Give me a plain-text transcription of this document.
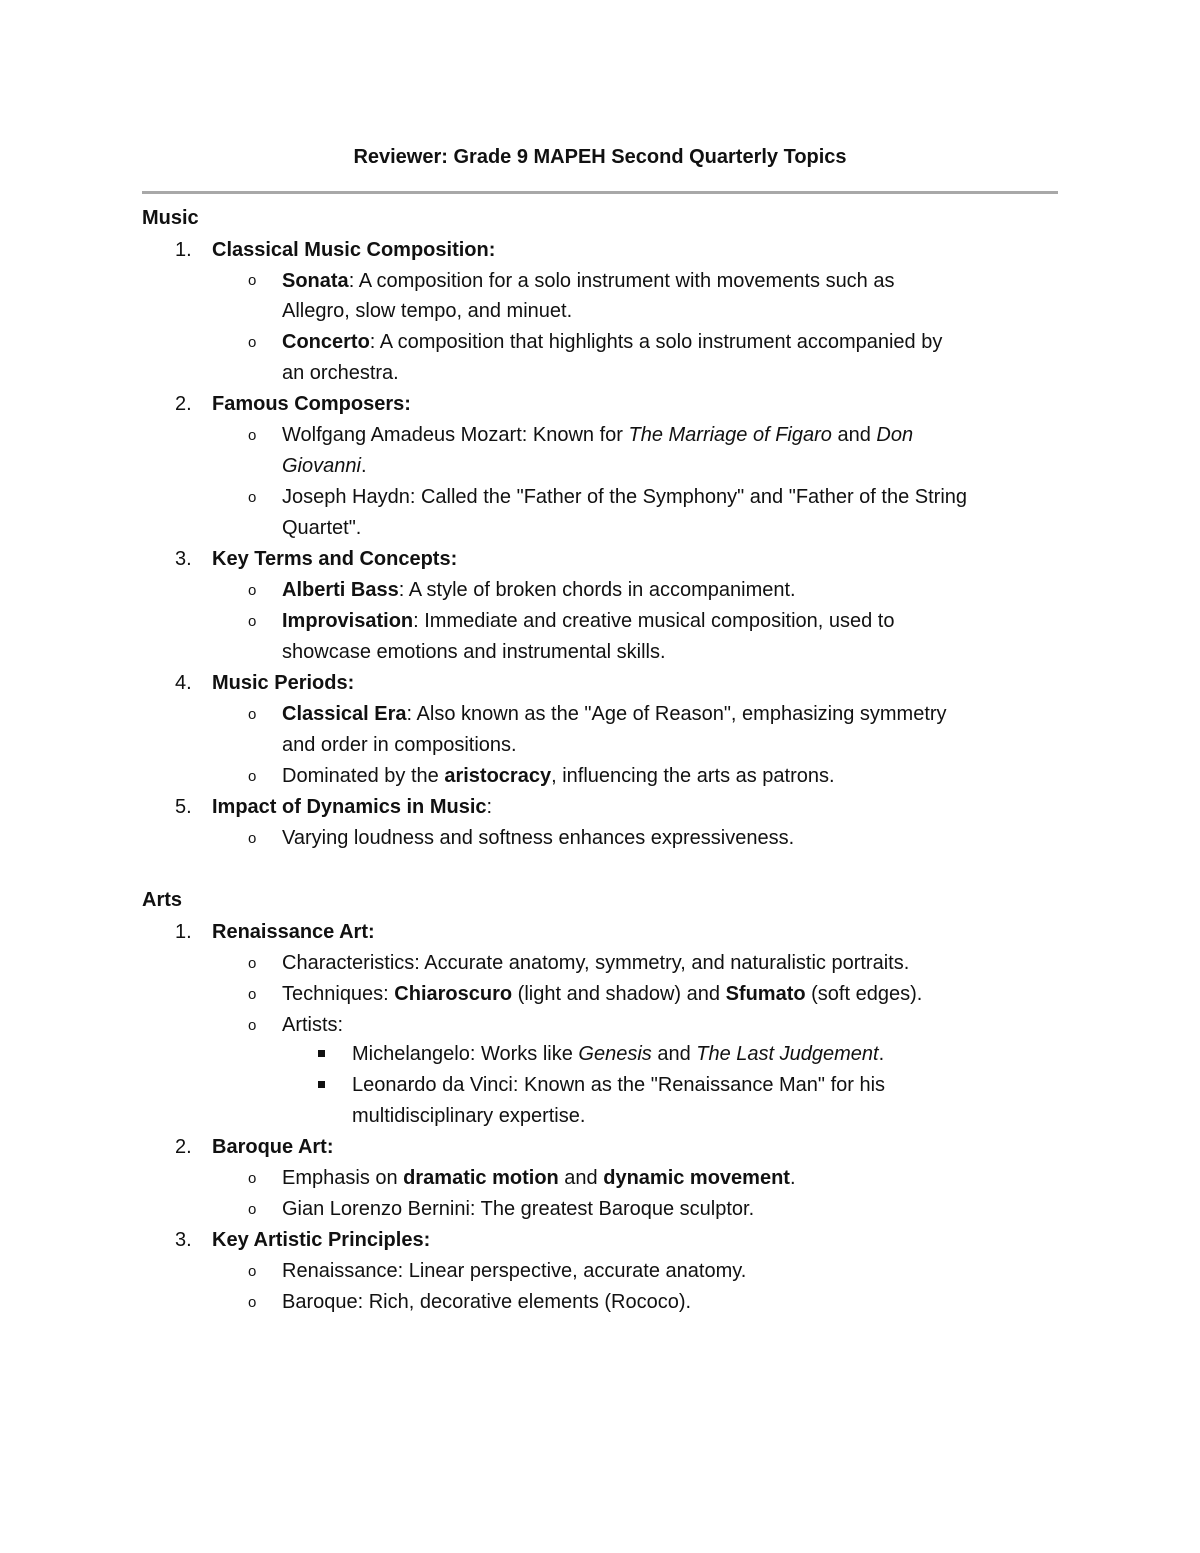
Reviewer: Grade 9 MAPEH Second Quarterly Topics
Music
1.	Classical Music Composition:
o Sonata: A composition for a solo instrument with movements such as
Allegro, slow tempo, and minuet.
o Concerto: A composition that highlights a solo instrument accompanied by
an orchestra.
2.	Famous Composers:
o Wolfgang Amadeus Mozart: Known for The Marriage of Figaro and Don
Giovanni.
o Joseph Haydn: Called the "Father of the Symphony" and "Father of the String
Quartet".
3.	Key Terms and Concepts:
o Alberti Bass: A style of broken chords in accompaniment.
o Improvisation: Immediate and creative musical composition, used to
showcase emotions and instrumental skills.
4.	Music Periods:
o Classical Era: Also known as the "Age of Reason", emphasizing symmetry
and order in compositions.
o Dominated by the aristocracy, influencing the arts as patrons.
5.	Impact of Dynamics in Music:
o Varying loudness and softness enhances expressiveness.
Arts
1.	Renaissance Art:
o Characteristics: Accurate anatomy, symmetry, and naturalistic portraits.
o Techniques: Chiaroscuro (light and shadow) and Sfumato (soft edges).
o Artists:
Michelangelo: Works like Genesis and The Last Judgement.
Leonardo da Vinci: Known as the "Renaissance Man" for his
multidisciplinary expertise.
2.	Baroque Art:
o Emphasis on dramatic motion and dynamic movement.
o Gian Lorenzo Bernini: The greatest Baroque sculptor.
3.	Key Artistic Principles:
o Renaissance: Linear perspective, accurate anatomy.
o Baroque: Rich, decorative elements (Rococo).
